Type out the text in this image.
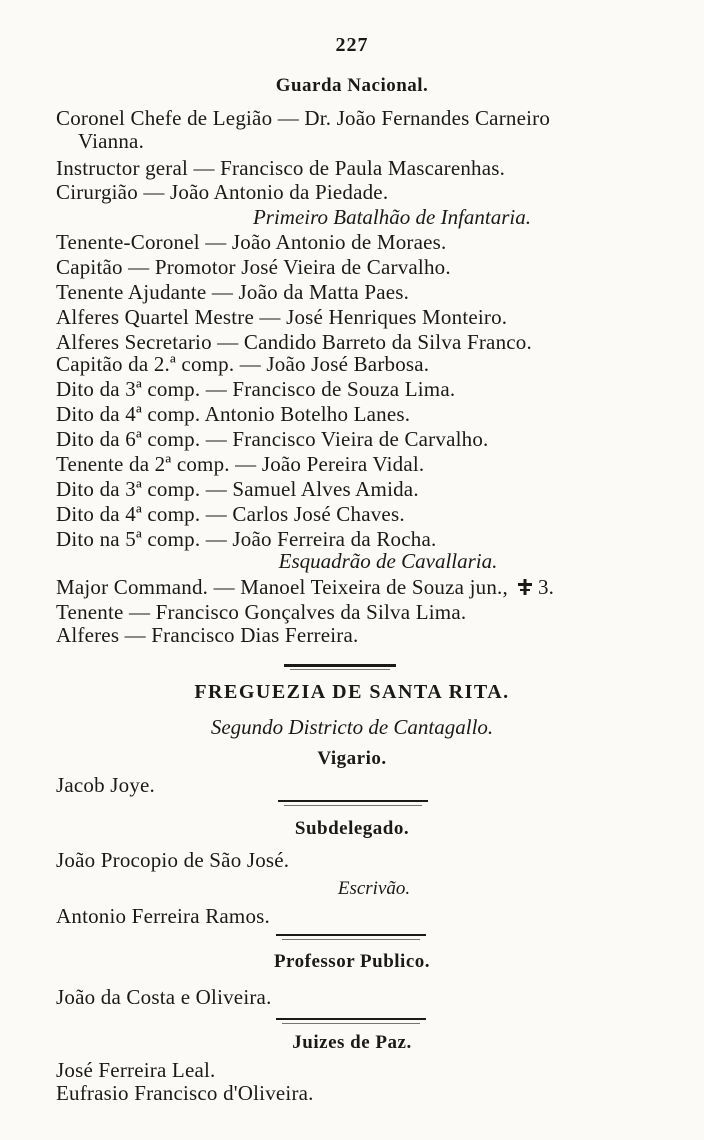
227
Guarda Nacional.
Coronel Chefe de Legião — Dr. João Fernandes Carneiro
Vianna.
Instructor geral — Francisco de Paula Mascarenhas.
Cirurgião — João Antonio da Piedade.
Primeiro Batalhão de Infantaria.
Tenente-Coronel — João Antonio de Moraes.
Capitão — Promotor José Vieira de Carvalho.
Tenente Ajudante — João da Matta Paes.
Alferes Quartel Mestre — José Henriques Monteiro.
Alferes Secretario — Candido Barreto da Silva Franco.
Capitão da 2.ª comp. — João José Barbosa.
Dito da 3ª comp. — Francisco de Souza Lima.
Dito da 4ª comp. Antonio Botelho Lanes.
Dito da 6ª comp. — Francisco Vieira de Carvalho.
Tenente da 2ª comp. — João Pereira Vidal.
Dito da 3ª comp. — Samuel Alves Amida.
Dito da 4ª comp. — Carlos José Chaves.
Dito na 5ª comp. — João Ferreira da Rocha.
Esquadrão de Cavallaria.
Major Command. — Manoel Teixeira de Souza jun., 3.
Tenente — Francisco Gonçalves da Silva Lima.
Alferes — Francisco Dias Ferreira.
FREGUEZIA DE SANTA RITA.
Segundo Districto de Cantagallo.
Vigario.
Jacob Joye.
Subdelegado.
João Procopio de São José.
Escrivão.
Antonio Ferreira Ramos.
Professor Publico.
João da Costa e Oliveira.
Juizes de Paz.
José Ferreira Leal.
Eufrasio Francisco d'Oliveira.
